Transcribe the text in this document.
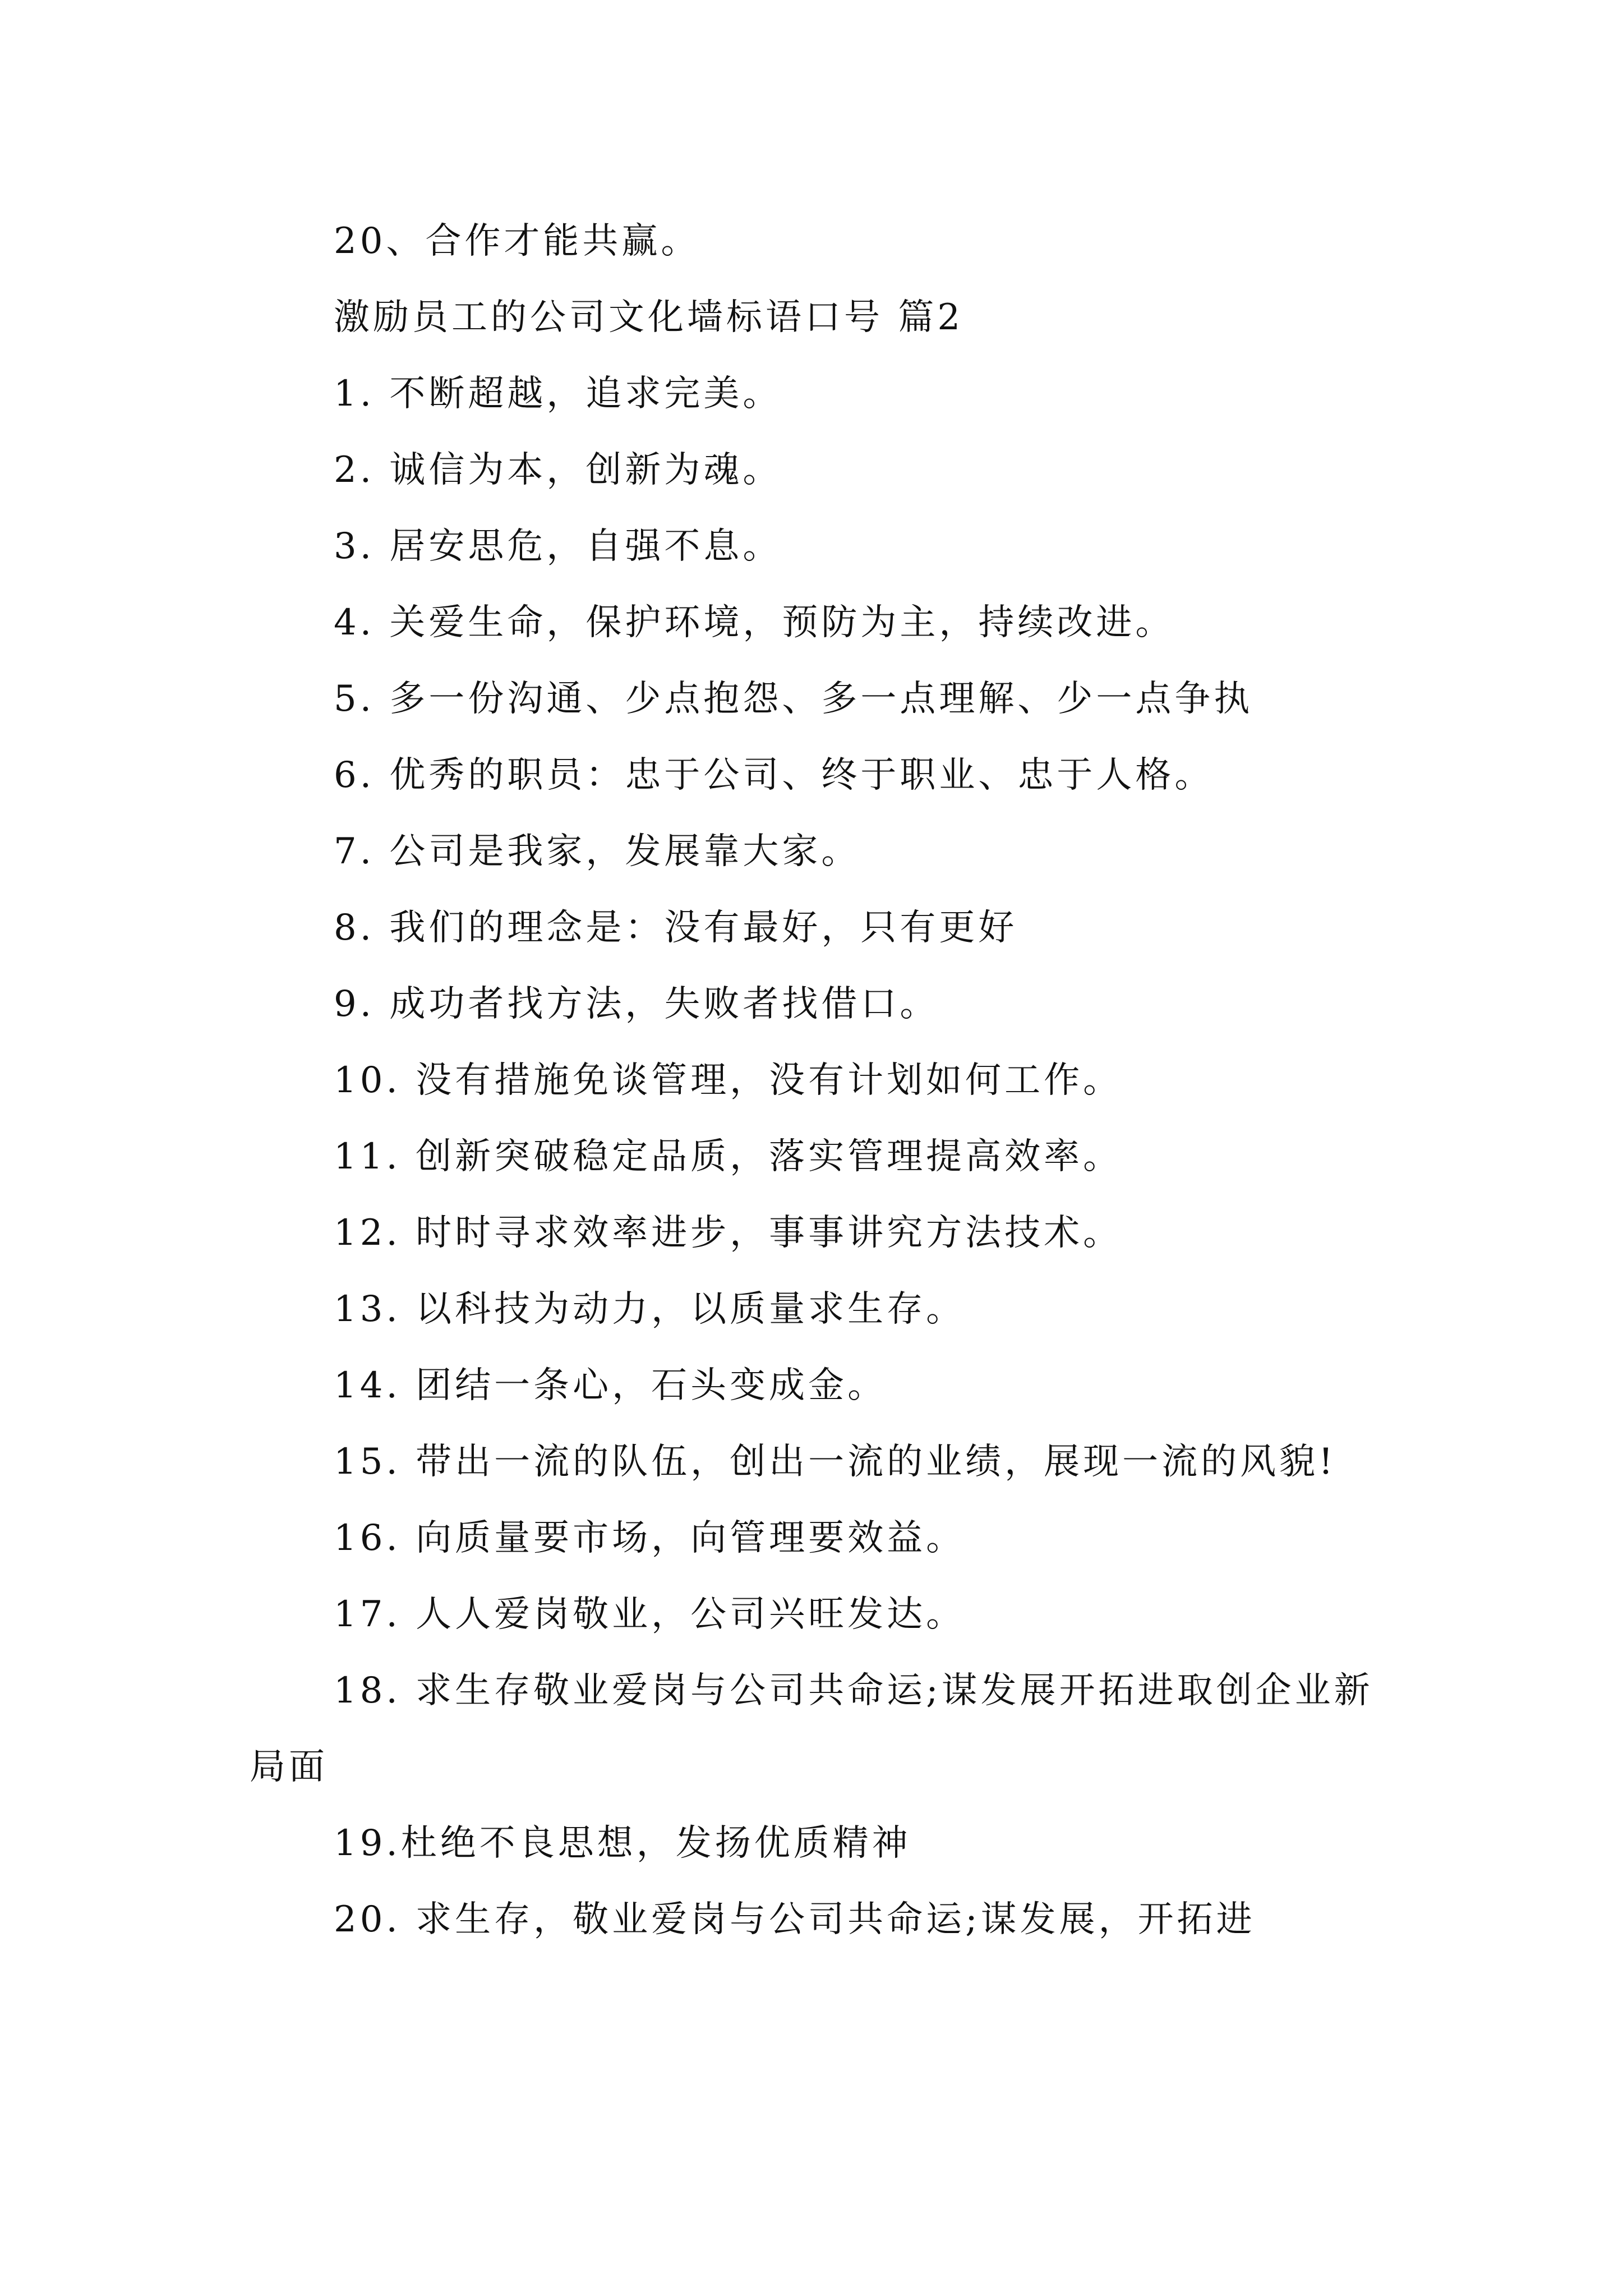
20、合作才能共赢。

激励员工的公司文化墙标语口号 篇2

1. 不断超越，追求完美。

2. 诚信为本，创新为魂。

3. 居安思危，自强不息。

4. 关爱生命，保护环境，预防为主，持续改进。

5. 多一份沟通、少点抱怨、多一点理解、少一点争执

6. 优秀的职员：忠于公司、终于职业、忠于人格。

7. 公司是我家，发展靠大家。

8. 我们的理念是：没有最好，只有更好

9. 成功者找方法，失败者找借口。

10. 没有措施免谈管理，没有计划如何工作。

11. 创新突破稳定品质，落实管理提高效率。

12. 时时寻求效率进步，事事讲究方法技术。

13. 以科技为动力，以质量求生存。

14. 团结一条心，石头变成金。

15. 带出一流的队伍，创出一流的业绩，展现一流的风貌!

16. 向质量要市场，向管理要效益。

17. 人人爱岗敬业，公司兴旺发达。

18. 求生存敬业爱岗与公司共命运;谋发展开拓进取创企业新局面

19.杜绝不良思想，发扬优质精神

20. 求生存，敬业爱岗与公司共命运;谋发展，开拓进
